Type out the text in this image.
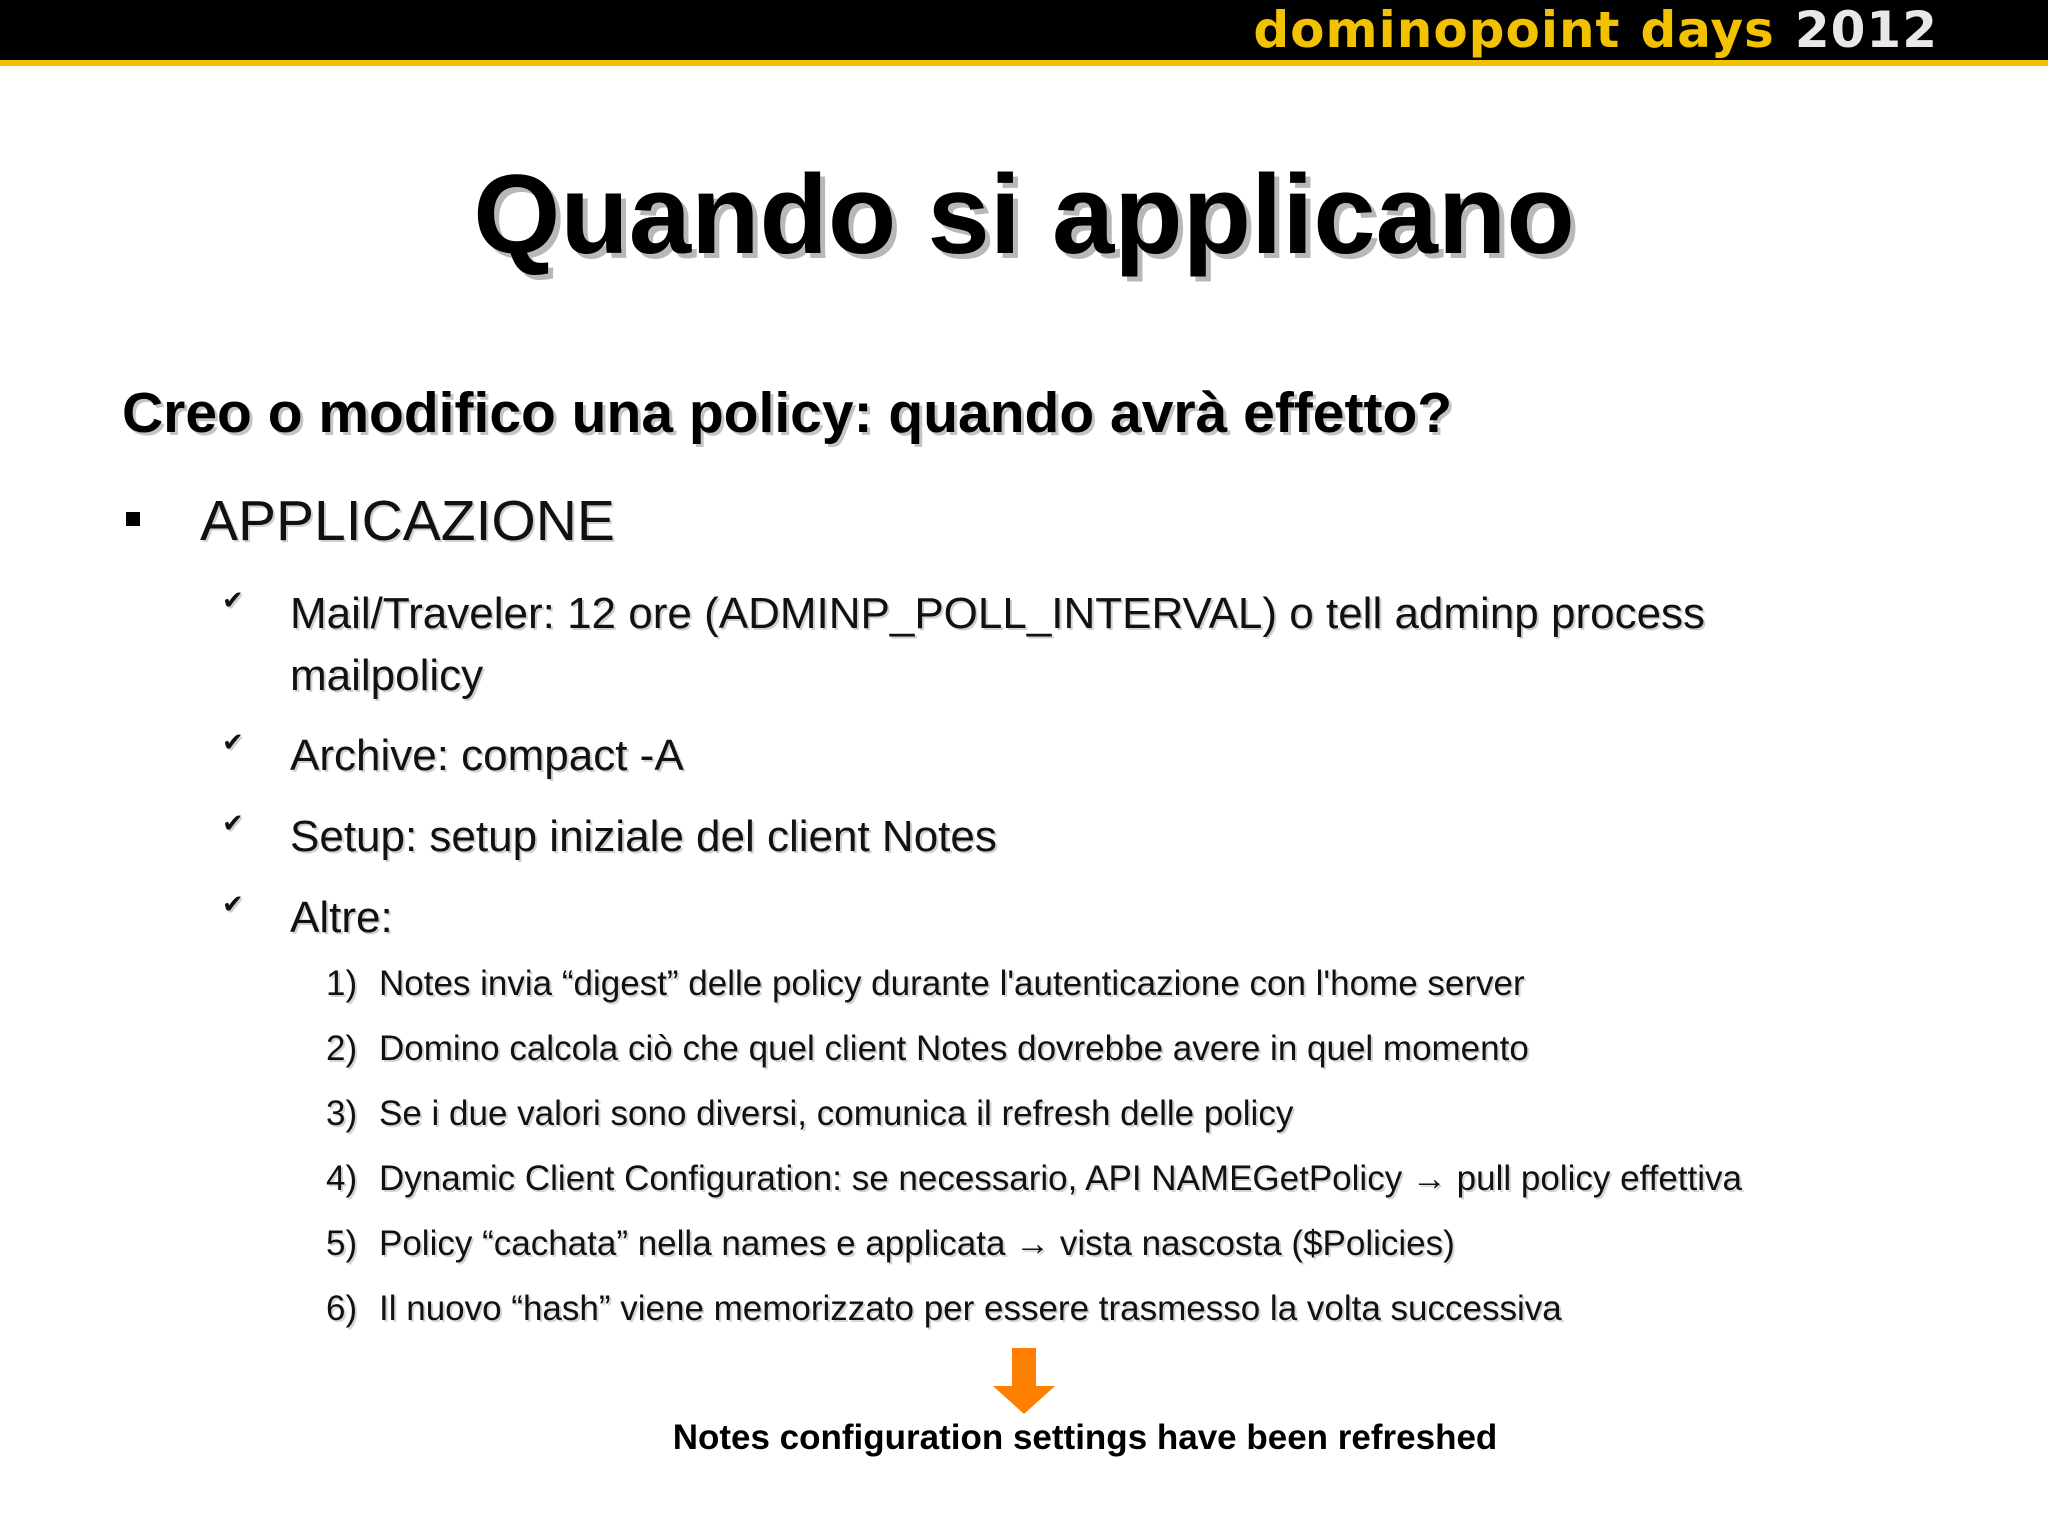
dominopoint days 2012
Quando si applicano
Creo o modifico una policy: quando avrà effetto?
APPLICAZIONE
✔ Mail/Traveler: 12 ore (ADMINP_POLL_INTERVAL) o tell adminp process mailpolicy
✔ Archive: compact -A
✔ Setup: setup iniziale del client Notes
✔ Altre:
1) Notes invia “digest” delle policy durante l'autenticazione con l'home server
2) Domino calcola ciò che quel client Notes dovrebbe avere in quel momento
3) Se i due valori sono diversi, comunica il refresh delle policy
4) Dynamic Client Configuration: se necessario, API NAMEGetPolicy → pull policy effettiva
5) Policy “cachata” nella names e applicata → vista nascosta ($Policies)
6) Il nuovo “hash” viene memorizzato per essere trasmesso la volta successiva
Notes configuration settings have been refreshed
